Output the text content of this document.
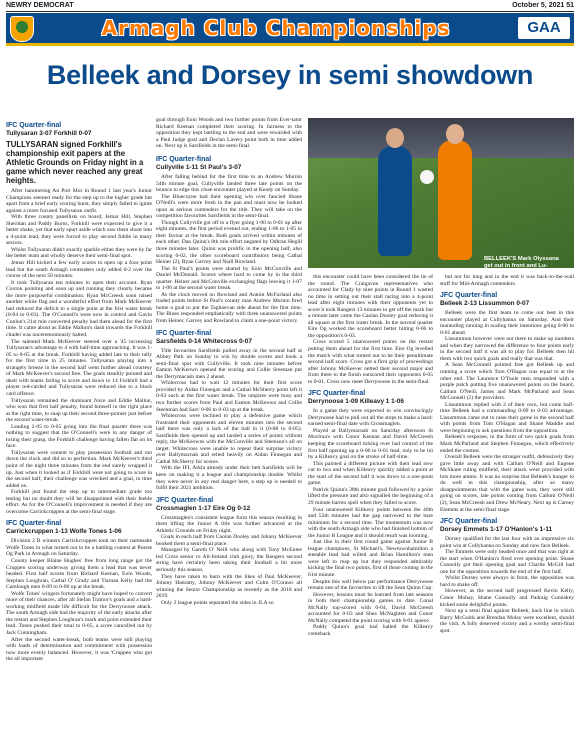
NEWRY DEMOCRAT	October 5, 2021 51
Armagh Club Championships	GAA
Belleek and Dorsey in semi showdown
IFC Quarter-final
Tullysaran 3-07 Forkhill 0-07
TULLYSARAN signed Forkhill's championship exit papers at the Athletic Grounds on Friday night in a game which never reached any great heights.

After hammering An Port Mor in Round 1 last year's Junior Champions seemed ready for the step up to the higher grade but apart from a brief early scoring burst, they simply failed to ignite against a more focused Tullysaran outfit.

With three county panellists on board, Jemar Hill, Stephen Sheridan and Paddy Burns, Forkhill were expected to give it a better shake, yet that early spurt aside which saw them shoot into a 4-point lead, they were forced to play second fiddle in many sectors.

Whilst Tullysaran didn't exactly sparkle either they were by far the better team and wholly deserve their semi-final spot.

Jemar Hill kicked a few early scores to open up a four point lead but the south Armagh contenders only added 0-2 over the course of the next 50 minutes.

It took Tullysaran ten minutes to open their account. Ryan Coxton pointing and soon up and running they clearly became the more purposeful combination. Ryan McCreesh soon raised another white flag and a wonderful effort from Mark McKeever had reduced the deficit to a single point at the first water break (0-04 to 0-03). The O'Connell's were now in control and Gavin Conlon's 21st min converted penalty had them ahead for the first time. It came about as Eddie Mallon's dash towards the Forkhill citadel was unceremoniously halted.

The talented Mark McKeever steered over a '45 increasing Tullysaran's advantage to 4 with half-time approaching. It was 1-05 to 0-05 at the break. Forkhill having added late to their tally for the first time in 25 minutes. Tullysaran playing into a strangely breeze in the second half went further ahead courtesy of Mark McKeever's second free. The goals steadily pointed and dealt with teams failing to score and down to 14 Forkhill had a player red-carded and Tullysaran were reduced due to a black card offence.

Tullysaran remained the dominant force and Eddie Mallon, who won that first half penalty, found himself in the right place at the right time, to snap up their second three-pointer just before the second water-break.

Leading 2-05 to 0-05 going into the final quarter there was nothing to suggest that the O'Connell's were in any danger of losing their grasp, the Forkhill challenge having fallen flat on its face.

Tullysaran were content to play possession football and run down the clock and did so to perfection. Mark McKeever's third point of the night three minutes from the end surely wrapped it up. Just when it looked as if Forkhill were not going to score in the second half, their challenge was wrecked and a goal, in time added on.

Forkhill just found the step up to intermediate grade too testing but no doubt they will be disappointed with their feeble effort. As for the O'Connell's improvement is needed if they are overcome Carrickcruppen at the semi-final stage.

IFC Quarter-final
Carrickcruppen 1-13 Wolfe Tones 1-06

Division 2 B winners Carrickcruppen took on their namesake Wolfe Tones in what turned out to be a battling contest at Pearse Og Park in Armagh on Saturday.

County keeper Blaine Hughes' free from long range got the Cruppen scoring underway giving them a lead that was never headed. First half scores from Richard Keenan, Eoin Woods, Stephen Loughran, Cathal O' Grady and Tiarnan Kelly had the Camlough men 0-09 to 0-06 up at the break.

Wolfe Tones' wingers fortunately might have hoped to convert more of their chances, after all Stefan Trainor's goals and a hard-working midfield made life difficult for the Derrynoose attack. The south Armagh side had the majority of the early attacks after the restart and Stephen Loughran's mark and point extended their lead. Tones pushed their total to 0-05, a score cancelled out by Jack Cunningham.

After the second water-break, both teams were still playing with loads of determination and commitment with possession now more evenly balanced. However, it was 'Cruppen who got the all important

goal through Eoin Woods and two further points from Ever-tator Richard Keenan completed their scoring. In fairness to the opposition they kept battling to the end and were rewarded with a Paul Judge goal and Declan Lavery point both in time added on. Next up is Sarsfields in the semi-final.
IFC Quarter-final
Cullyville 1-11 St Paul's 3-07

After falling behind for the first time to an Andrew Murnin 54th minute goal, Cullyville landed three late points on the bounce to edge this close encounter played at Keady on Sunday.

The Bluecoyne had their opening win over fancied Shane O'Neill's were more fresh in the pan and must now be looked upon as serious contenders for the title. They will take on the competition favourites Sarsfields in the semi-final.

Though Cullyville got off to a flyer going 1-00 to 0-01 up after eight minutes, the first period evened out, ending 1-06 to 1-05 in their favour at the break. Both goals arrived within minutes of each other. Dan Quinn's 8th min effort negated by Odhran Hegill three minutes later. Quinn was prolific in the opening half, also scoring 0-02, the other scoreboard contributors being Cathal Heiner (2), Ryan Garvey and Niall Rowland.

The St Paul's points were shared by Eoin McConville and Daniel McDonald. Scores where hard to come by in the third quarter. Heiner and McConville exchanging flags leaving it 1-07 to 1-06 at the second water break.

As the clock moved on Rowland and Antoin McFarland also traded points before St Paul's county man Andrew Murnin fired home a goal to put the Taghnevan side ahead for the first time. The Blues responded emphatically with three unanswered points from Heiner, Garvey and Rowland to claim a one-point victory.

IFC Quarter-final
Sarsfields 0-14 Whitecross 0-07

Title favourites Sarsfields pulled away in the second half at Abbey Park on Sunday to win by double scores and book a semi-final spot with Cullyville. It took nine minutes before Eamon McKeown opened the scoring and Collie Sreeman put the Derrymacash men 2 ahead.

Whitecross had to wait 12 minutes for their first score provided by Aidan Finnegan and a Cathal McSherry point left it 0-03 each at the first water break. The umpires were busy and two further scores from Paul and Eamon McKeown and Collie Steenman had Sars' 0-06 to 0-03 up at the break.

Whitecross were inclined to play a defensive game which frustrated their opponents and eleven minutes into the second half there was only a lack of the ball in it (0-08 to 0-05). Sarsfields then opened up and landed a series of points without reply, the McKeowns with the McConville and Steenson's all on target. Whitecross were unable to repeat their surprise victory over Ballymacnab and relied heavily on Aidan Finnegan and Cathal McSherry for scores.

With the IFL Arkla already under their belt Sarsfields will be keen on making it a league and championship double. Whilst they were never in any real danger here, a step up is needed to fulfil their 2021 ambition.

JFC Quarter-final
Crossmaglen 1-17 Eire Og 0-12

Crossmaglen's consistent league form this season resulting in them lifting the Junior A title was further advanced at the Athletic Grounds on Friday night.

Goals in each half from Caolan Dooley and Johnny McKeever booked them a semi-final place.

Managed by Gareth O' Neill who along with Tony McEntee led Cross senior to All-Ireland club glory, the Rangers second string have certainly been taking their football a bit more seriously this season.

They have taken to burn with the likes of Paul McKeever, Johnny Hanratty, Johnny McKeever and Colm O'Connor all winning the Senior Championship as recently as the 2018 and 2019.

Only 2 league points separated the sides in JLA so

BELLEEK'S Mark Olyssana get out in front and Lu-

this encounter could have been considered the tie of the round. The Craigavon representatives who accounted for Clady by nine points in Round 1 wasted no time in setting out their stall racing into a 4-point lead after eight minutes with their opponents yet to score it took Rangers 13 minutes to get off the mark but a minute later came the Caolan Dooley goal reducing it all square at the first water break. In the second quarter Eire Og worked the scoreboard better hitting 0-06 to the opposition's 0-03.

Cross scored 5 unanswered points on the restart putting them ahead for the first time. Eire Og levelled the match with what turned out to be their penultimate second half score. Cross got a firm grip of proceedings after Johnny McKeever netted their second major and from there to the finish outscored their opponents 0-05 to 0-01. Cross now meet Derrynoose in the semi-final.

JFC Quarter-final
Derrynoose 1-09 Killeavy 1 1-06

In a game they were expected to win convincingly Derrynoose had to pull out all the stops to make a hard-earned semi-final date with Crossmaglen.

Played at Ballymacnab on Saturday afternoon St Moclrua's with Conor Keenan and David McCreesh keeping the scoreboard ticking over had control of the first half opening up a 0-06 to 0-01 lead, only to be hit by a Killeavy goal on the stroke of half-time.

This painted a different picture with their lead now cut to two and when Killeavy quickly added a point at the start of the second half it was down to a one-point game.

Patrick Quinn's 38th minute goal followed by a point lifted the pressure and also signalled the beginning of a 29 minute barren spell when they failed to score.

Four unanswered Killeavy points between the 40th and 55th minutes had the gap narrowed to the bare minimum for a second time. The momentum was now with the south Armagh side who had finished bottom of the Junior B League and it should result was looming.

Just like in their first round game against Junior B league champions, St Michael's, Newtownhamilton a steeable lead had wilted and Brian Hamilton's men were left to reap up but they responded admirably kicking the final two points, first of those coming in the 61st minute.

Despite this well below par performance Derrynoose remain one of the favourites to lift the Sean Quinn Cup.

However, lessons must be learned from late seasons in both their championship games to date. Conal McNally top-scored with 0-04, David McCreesh accounted for 0-03 and Shea McNaghten and Conor McNally competed the point scoring with 0-01 apiece.

Paddy Quinn's goal had halted the Killeavy comeback

but not for long and in the end it was back-to-the-wall stuff for Mid-Armagh contenders.

JFC Quarter-final
Belleek 2-13 Lissummon 0-07

Belleek were the first team to come our best in this encounter played at Cullyhanna on Saturday. And their marauding running in scaling their intentions going 0-06 to 0-01 ahead.

Lissummon however were not there to make up numbers and when they narrowed the difference to four points early in the second half it was all to play for. Belleek then hit them with two quick goals and really that was that.

A Sean McConnell pointed free got Belleek up and running a score which Tom O'Hagan was equal to at the other end. The Laurence O'Toole men responded with a purple patch putting five unanswered points on the board, Callum O'Neill, James and Mark McParland and Sean McConnell (2) the providers.

Lissummon replied with 2 of their own, but come half-time Belleek had a commanding 0-09 to 0-03 advantage. Lissummon came out to raise their game in the second half with points from Tom O'Hagan and Shane Maddie and were beginning to ask questions from the opposition.

Belleek's response, in the form of two quick goals from Mark McParland and Stephen Finnegan, which effectively ended the contest.

Overall Belleek were the stronger outfit, defensively they gave little away and with Callum O'Neill and Eugene McShane ruling midfield, their attack were provided with lots more ammo. It was no surprise that Belleek's hunger to do well in this championship, after so many disappointments that with the game won, they were still going on scores, late points coming from Callum O'Neill (2), Sean McCreesh and Drew McNeary. Next up is Carney Emmets at the semi-final stage.

JFC Quarter-final
Dorsey Emmets 1-17 O'Hanlon's 1-11

Dorsey qualified for the last four with an impressive six point win at Cullyhanna on Sunday and now face Belleek.

The Emmets were only headed once and that was right at the start when O'Hanlon's fired over opening point. Shane Connolly got their opening goal and Charlie McGill had one for the opposition towards the end of the first half.

Whilst Dorsey were always in front, the opposition was hard to shake off.

However, as the second half progressed Kevin Kelly, Conor Mohay, Shane Connolly and Padraig Cumiskey kicked some delightful points.

Next up a semi final against Belleek, back line in which Barry McGuirk and Brendan Molay were excellent, should the visit. A fully deserved victory and a worthy semi-final spot.
